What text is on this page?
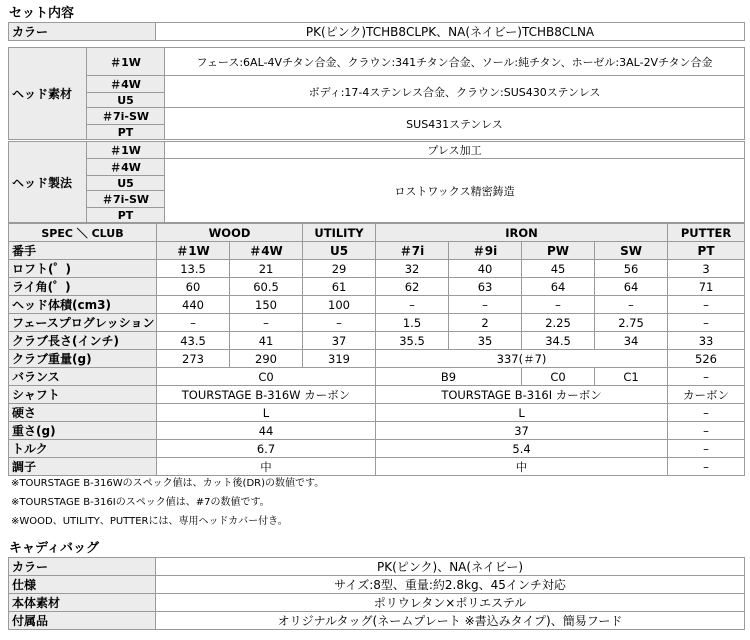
セット内容
カラー	PK(ピンク)TCHB8CLPK、NA(ネイビー)TCHB8CLNA
ヘッド素材	＃1W	フェース:6AL-4Vチタン合金、クラウン:341チタン合金、ソール:純チタン、ホーゼル:3AL-2Vチタン合金
	＃4W	ボディ:17-4ステンレス合金、クラウン:SUS430ステンレス
	U5	
	＃7i-SW	SUS431ステンレス
	PT	
ヘッド製法	＃1W	プレス加工
	＃4W	ロストワックス精密鋳造
	U5	
	＃7i-SW	
	PT	
SPEC ＼ CLUB	WOOD		UTILITY	IRON				PUTTER
番手	＃1W	＃4W	U5	＃7i	＃9i	PW	SW	PT
ロフト(゜)	13.5	21	29	32	40	45	56	3
ライ角(゜)	60	60.5	61	62	63	64	64	71
ヘッド体積(cm3)	440	150	100	–	–	–	–	–
フェースプログレッション	–	–	–	1.5	2	2.25	2.75	–
クラブ長さ(インチ)	43.5	41	37	35.5	35	34.5	34	33
クラブ重量(g)	273	290	319	337(＃7)				526
バランス	C0			B9		C0	C1	–
シャフト	TOURSTAGE B-316W カーボン			TOURSTAGE B-316I カーボン				カーボン
硬さ	L			L				–
重さ(g)	44			37				–
トルク	6.7			5.4				–
調子	中			中				–
※TOURSTAGE B-316Wのスペック値は、カット後(DR)の数値です。
※TOURSTAGE B-316Iのスペック値は、#7の数値です。
※WOOD、UTILITY、PUTTERには、専用ヘッドカバー付き。
キャディバッグ
カラー	PK(ピンク)、NA(ネイビー)
仕様	サイズ:8型、重量:約2.8kg、45インチ対応
本体素材	ポリウレタン×ポリエステル
付属品	オリジナルタッグ(ネームプレート ※書込みタイプ)、簡易フード
